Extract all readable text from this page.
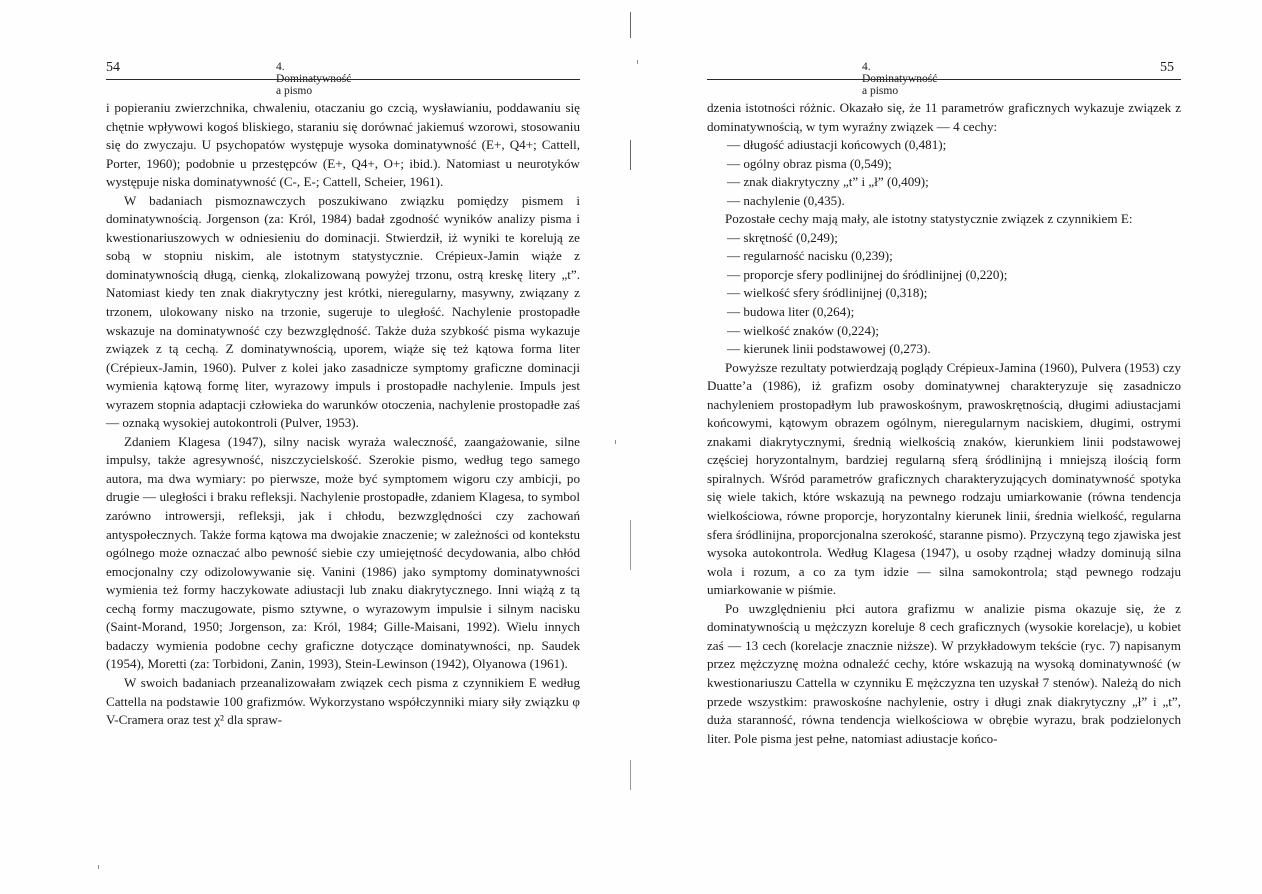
54	4. Dominatywność a pismo

i popieraniu zwierzchnika, chwaleniu, otaczaniu go czcią, wysławianiu, poddawaniu się chętnie wpływowi kogoś bliskiego, staraniu się dorównać jakiemuś wzorowi, stosowaniu się do zwyczaju. U psychopatów występuje wysoka dominatywność (E+, Q4+; Cattell, Porter, 1960); podobnie u przestępców (E+, Q4+, O+; ibid.). Natomiast u neurotyków występuje niska dominatywność (C-, E-; Cattell, Scheier, 1961).

W badaniach pismoznawczych poszukiwano związku pomiędzy pismem i dominatywnością. Jorgenson (za: Król, 1984) badał zgodność wyników analizy pisma i kwestionariuszowych w odniesieniu do dominacji. Stwierdził, iż wyniki te korelują ze sobą w stopniu niskim, ale istotnym statystycznie. Crépieux-Jamin wiąże z dominatywnością długą, cienką, zlokalizowaną powyżej trzonu, ostrą kreskę litery „t”. Natomiast kiedy ten znak diakrytyczny jest krótki, nieregularny, masywny, związany z trzonem, ulokowany nisko na trzonie, sugeruje to uległość. Nachylenie prostopadłe wskazuje na dominatywność czy bezwzględność. Także duża szybkość pisma wykazuje związek z tą cechą. Z dominatywnością, uporem, wiąże się też kątowa forma liter (Crépieux-Jamin, 1960). Pulver z kolei jako zasadnicze symptomy graficzne dominacji wymienia kątową formę liter, wyrazowy impuls i prostopadłe nachylenie. Impuls jest wyrazem stopnia adaptacji człowieka do warunków otoczenia, nachylenie prostopadłe zaś — oznaką wysokiej autokontroli (Pulver, 1953).

Zdaniem Klagesa (1947), silny nacisk wyraża waleczność, zaangażowanie, silne impulsy, także agresywność, niszczycielskość. Szerokie pismo, według tego samego autora, ma dwa wymiary: po pierwsze, może być symptomem wigoru czy ambicji, po drugie — uległości i braku refleksji. Nachylenie prostopadłe, zdaniem Klagesa, to symbol zarówno introwersji, refleksji, jak i chłodu, bezwzględności czy zachowań antyspołecznych. Także forma kątowa ma dwojakie znaczenie; w zależności od kontekstu ogólnego może oznaczać albo pewność siebie czy umiejętność decydowania, albo chłód emocjonalny czy odizolowywanie się. Vanini (1986) jako symptomy dominatywności wymienia też formy haczykowate adiustacji lub znaku diakrytycznego. Inni wiążą z tą cechą formy maczugowate, pismo sztywne, o wyrazowym impulsie i silnym nacisku (Saint-Morand, 1950; Jorgenson, za: Król, 1984; Gille-Maisani, 1992). Wielu innych badaczy wymienia podobne cechy graficzne dotyczące dominatywności, np. Saudek (1954), Moretti (za: Torbidoni, Zanin, 1993), Stein-Lewinson (1942), Olyanowa (1961).

W swoich badaniach przeanalizowałam związek cech pisma z czynnikiem E według Cattella na podstawie 100 grafizmów. Wykorzystano współczynniki miary siły związku φ V-Cramera oraz test χ² dla spraw-

4. Dominatywność a pismo
55

dzenia istotności różnic. Okazało się, że 11 parametrów graficznych wykazuje związek z dominatywnością, w tym wyraźny związek — 4 cechy:

— długość adiustacji końcowych (0,481);

— ogólny obraz pisma (0,549);

— znak diakrytyczny „t” i „ł” (0,409);

— nachylenie (0,435).

Pozostałe cechy mają mały, ale istotny statystycznie związek z czynnikiem E:

— skrętność (0,249);

— regularność nacisku (0,239);

— proporcje sfery podlinijnej do śródlinijnej (0,220);

— wielkość sfery śródlinijnej (0,318);

— budowa liter (0,264);

— wielkość znaków (0,224);

— kierunek linii podstawowej (0,273).

Powyższe rezultaty potwierdzają poglądy Crépieux-Jamina (1960), Pulvera (1953) czy Duatte’a (1986), iż grafizm osoby dominatywnej charakteryzuje się zasadniczo nachyleniem prostopadłym lub prawoskośnym, prawoskrętnością, długimi adiustacjami końcowymi, kątowym obrazem ogólnym, nieregularnym naciskiem, długimi, ostrymi znakami diakrytycznymi, średnią wielkością znaków, kierunkiem linii podstawowej częściej horyzontalnym, bardziej regularną sferą śródlinijną i mniejszą ilością form spiralnych. Wśród parametrów graficznych charakteryzujących dominatywność spotyka się wiele takich, które wskazują na pewnego rodzaju umiarkowanie (równa tendencja wielkościowa, równe proporcje, horyzontalny kierunek linii, średnia wielkość, regularna sfera śródlinijna, proporcjonalna szerokość, staranne pismo). Przyczyną tego zjawiska jest wysoka autokontrola. Według Klagesa (1947), u osoby rządnej władzy dominują silna wola i rozum, a co za tym idzie — silna samokontrola; stąd pewnego rodzaju umiarkowanie w piśmie.

Po uwzględnieniu płci autora grafizmu w analizie pisma okazuje się, że z dominatywnością u mężczyzn koreluje 8 cech graficznych (wysokie korelacje), u kobiet zaś — 13 cech (korelacje znacznie niższe). W przykładowym tekście (ryc. 7) napisanym przez mężczyznę można odnaleźć cechy, które wskazują na wysoką dominatywność (w kwestionariuszu Cattella w czynniku E mężczyzna ten uzyskał 7 stenów). Należą do nich przede wszystkim: prawoskośne nachylenie, ostry i długi znak diakrytyczny „ł” i „t”, duża staranność, równa tendencja wielkościowa w obrębie wyrazu, brak podzielonych liter. Pole pisma jest pełne, natomiast adiustacje końco-
